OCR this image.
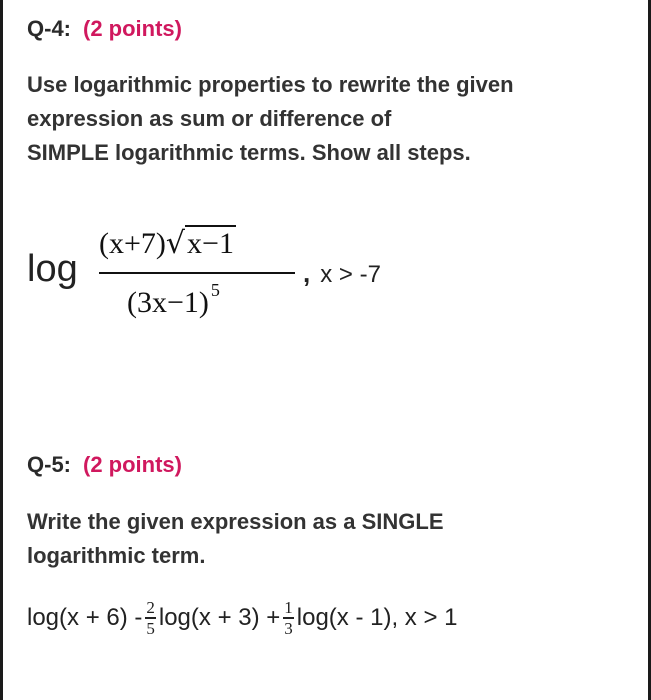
Q-4: (2 points)
Use logarithmic properties to rewrite the given
expression as sum or difference of
SIMPLE logarithmic terms. Show all steps.
log
(x+7)√x−1
(3x−1) $^5$
, x > -7
Q-5: (2 points)
Write the given expression as a SINGLE
logarithmic term.
log(x + 6) - 2
5 log(x + 3) + 1
3 log(x - 1), x > 1
